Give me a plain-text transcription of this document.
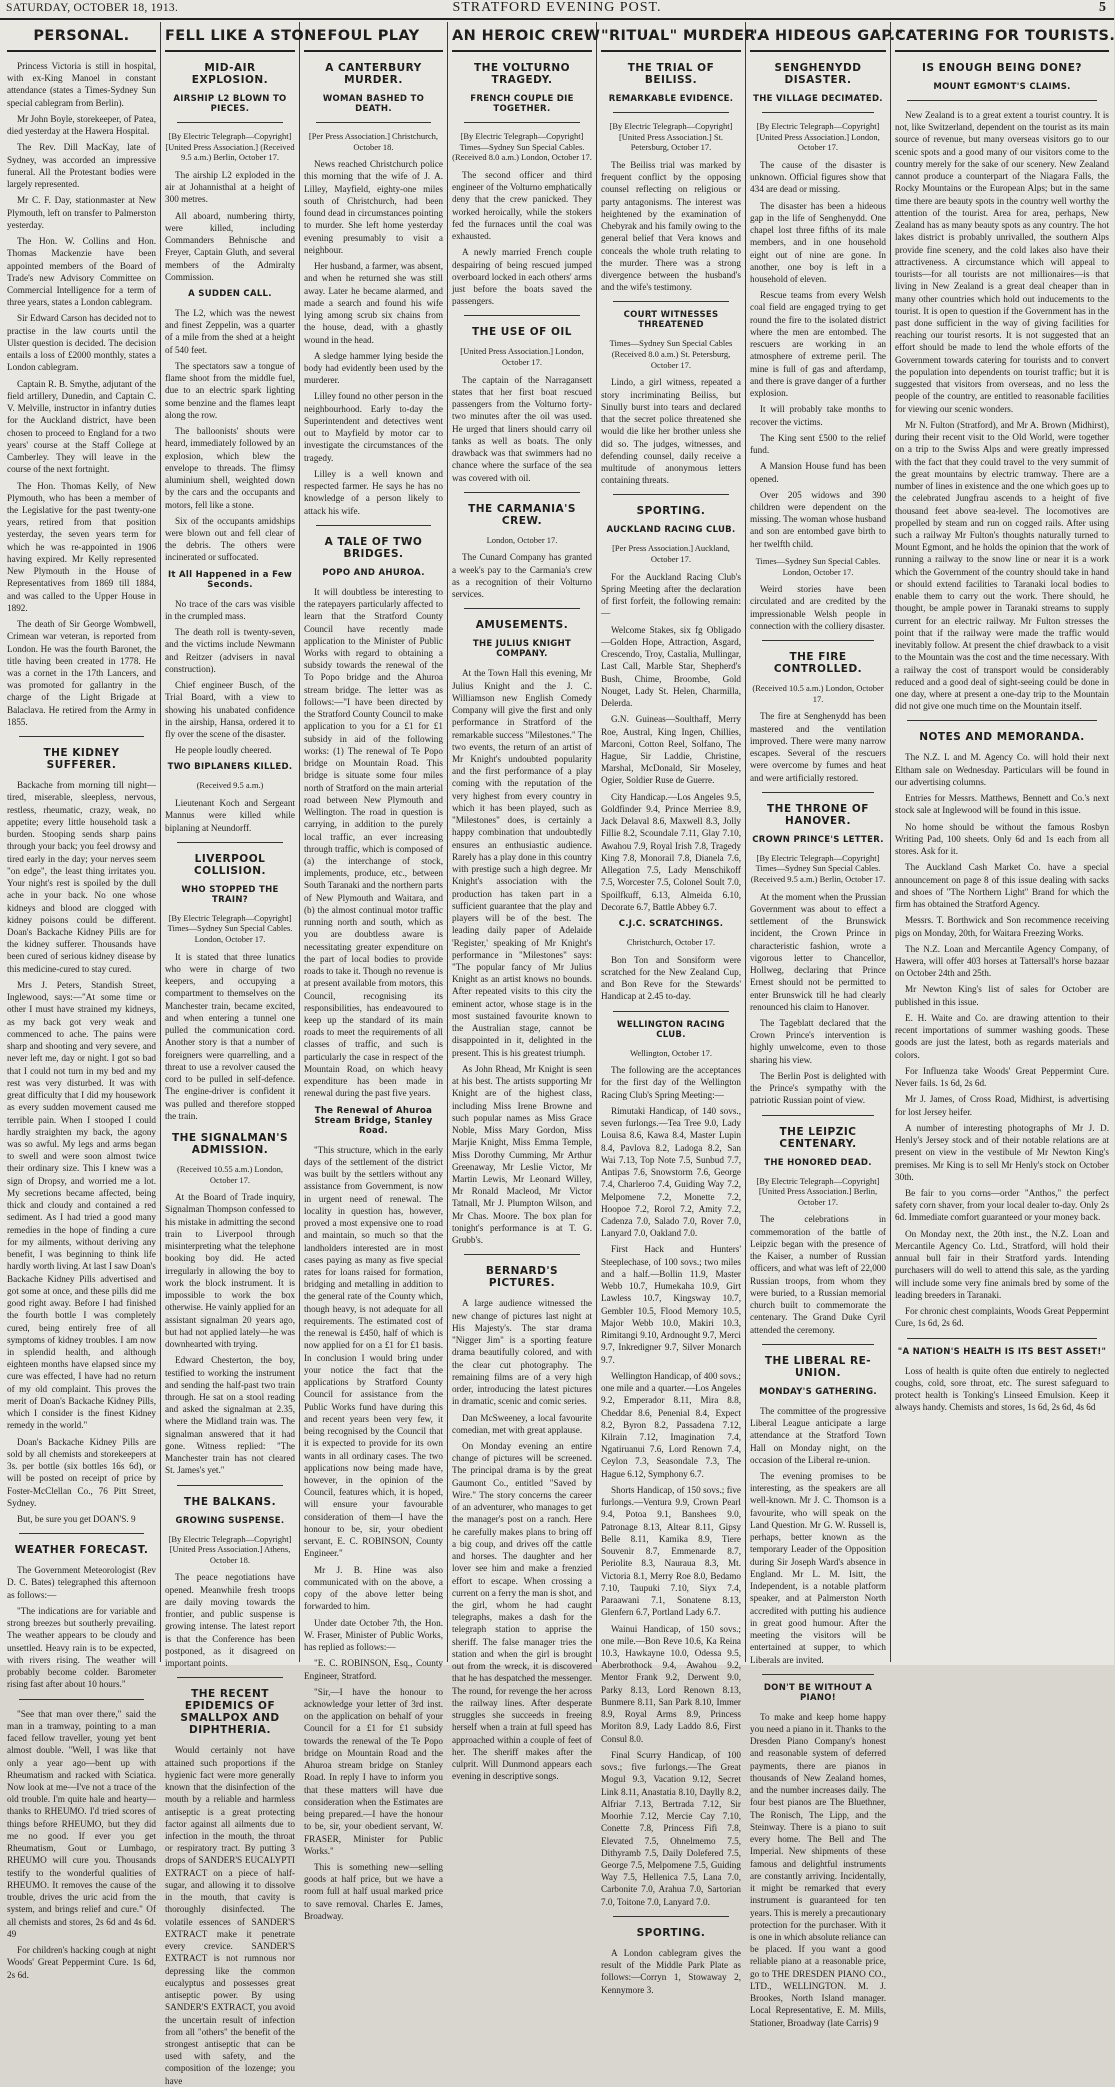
SATURDAY, OCTOBER 18, 1913.	STRATFORD EVENING POST.	5
PERSONAL.
Princess Victoria is still in hospital, with ex-King Manoel in constant attendance (states a Times-Sydney Sun special cablegram from Berlin).
Mr John Boyle, storekeeper, of Patea, died yesterday at the Hawera Hospital.
The Rev. Dill MacKay, late of Sydney, was accorded an impressive funeral. All the Protestant bodies were largely represented.
Mr C. F. Day, stationmaster at New Plymouth, left on transfer to Palmerston yesterday.
The Hon. W. Collins and Hon. Thomas Mackenzie have been appointed members of the Board of Trade's new Advisory Committee on Commercial Intelligence for a term of three years, states a London cablegram.
Sir Edward Carson has decided not to practise in the law courts until the Ulster question is decided. The decision entails a loss of £2000 monthly, states a London cablegram.
Captain R. B. Smythe, adjutant of the field artillery, Dunedin, and Captain C. V. Melville, instructor in infantry duties for the Auckland district, have been chosen to proceed to England for a two years' course at the Staff College at Camberley. They will leave in the course of the next fortnight.
The Hon. Thomas Kelly, of New Plymouth, who has been a member of the Legislative for the past twenty-one years, retired from that position yesterday, the seven years term for which he was re-appointed in 1906 having expired. Mr Kelly represented New Plymouth in the House of Representatives from 1869 till 1884, and was called to the Upper House in 1892.
The death of Sir George Wombwell, Crimean war veteran, is reported from London. He was the fourth Baronet, the title having been created in 1778. He was a cornet in the 17th Lancers, and was promoted for gallantry in the charge of the Light Brigade at Balaclava. He retired from the Army in 1855.
THE KIDNEY SUFFERER.
Backache from morning till night—tired, miserable, sleepless, nervous, restless, rheumatic, crazy, weak, no appetite; every little household task a burden. Stooping sends sharp pains through your back; you feel drowsy and tired early in the day; your nerves seem "on edge", the least thing irritates you. Your night's rest is spoiled by the dull ache in your back. No one whose kidneys and blood are clogged with kidney poisons could be different. Doan's Backache Kidney Pills are for the kidney sufferer. Thousands have been cured of serious kidney disease by this medicine-cured to stay cured.
Mrs J. Peters, Standish Street, Inglewood, says:—"At some time or other I must have strained my kidneys, as my back got very weak and commenced to ache. The pains were sharp and shooting and very severe, and never left me, day or night. I got so bad that I could not turn in my bed and my rest was very disturbed. It was with great difficulty that I did my housework as every sudden movement caused me terrible pain. When I stooped I could hardly straighten my back, the agony was so awful. My legs and arms began to swell and were soon almost twice their ordinary size. This I knew was a sign of Dropsy, and worried me a lot. My secretions became affected, being thick and cloudy and contained a red sediment. As I had tried a good many remedies in the hope of finding a cure for my ailments, without deriving any benefit, I was beginning to think life hardly worth living. At last I saw Doan's Backache Kidney Pills advertised and got some at once, and these pills did me good right away. Before I had finished the fourth bottle I was completely cured, being entirely free of all symptoms of kidney troubles. I am now in splendid health, and although eighteen months have elapsed since my cure was effected, I have had no return of my old complaint. This proves the merit of Doan's Backache Kidney Pills, which I consider is the finest Kidney remedy in the world."
Doan's Backache Kidney Pills are sold by all chemists and storekeepers at 3s. per bottle (six bottles 16s 6d), or will be posted on receipt of price by Foster-McClellan Co., 76 Pitt Street, Sydney.
But, be sure you get DOAN'S. 9
WEATHER FORECAST.
The Government Meteorologist (Rev D. C. Bates) telegraphed this afternoon as follows:—
"The indications are for variable and strong breezes but southerly prevailing. The weather appears to be cloudy and unsettled. Heavy rain is to be expected, with rivers rising. The weather will probably become colder. Barometer rising fast after about 10 hours."
"See that man over there," said the man in a tramway, pointing to a man faced fellow traveller, young yet bent almost double. "Well, I was like that only a year ago—bent up with Rheumatism and racked with Sciatica. Now look at me—I've not a trace of the old trouble. I'm quite hale and hearty—thanks to RHEUMO. I'd tried scores of things before RHEUMO, but they did me no good. If ever you get Rheumatism, Gout or Lumbago, RHEUMO will cure you. Thousands testify to the wonderful qualities of RHEUMO. It removes the cause of the trouble, drives the uric acid from the system, and brings relief and cure." Of all chemists and stores, 2s 6d and 4s 6d. 49
For children's hacking cough at night Woods' Great Peppermint Cure. 1s 6d, 2s 6d.
FELL LIKE A STONE
MID-AIR EXPLOSION.
AIRSHIP L2 BLOWN TO PIECES.
[By Electric Telegraph—Copyright] [United Press Association.] (Received 9.5 a.m.) Berlin, October 17.
The airship L2 exploded in the air at Johannisthal at a height of 300 metres.
All aboard, numbering thirty, were killed, including Commanders Behnische and Freyer, Captain Gluth, and several members of the Admiralty Commission.
A SUDDEN CALL.
The L2, which was the newest and finest Zeppelin, was a quarter of a mile from the shed at a height of 540 feet.
The spectators saw a tongue of flame shoot from the middle fuel, due to an electric spark lighting some benzine and the flames leapt along the row.
The balloonists' shouts were heard, immediately followed by an explosion, which blew the envelope to threads. The flimsy aluminium shell, weighted down by the cars and the occupants and motors, fell like a stone.
Six of the occupants amidships were blown out and fell clear of the debris. The others were incinerated or suffocated.
It All Happened in a Few Seconds.
No trace of the cars was visible in the crumpled mass.
The death roll is twenty-seven, and the victims include Newmann and Reitzer (advisers in naval construction).
Chief engineer Busch, of the Trial Board, with a view to showing his unabated confidence in the airship, Hansa, ordered it to fly over the scene of the disaster.
He people loudly cheered.
TWO BIPLANERS KILLED.
(Received 9.5 a.m.)
Lieutenant Koch and Sergeant Mannus were killed while biplaning at Neundorff.
LIVERPOOL COLLISION.
WHO STOPPED THE TRAIN?
[By Electric Telegraph—Copyright] Times—Sydney Sun Special Cables. London, October 17.
It is stated that three lunatics who were in charge of two keepers, and occupying a compartment to themselves on the Manchester train, became excited, and when entering a tunnel one pulled the communication cord. Another story is that a number of foreigners were quarrelling, and a threat to use a revolver caused the cord to be pulled in self-defence. The engine-driver is confident it was pulled and therefore stopped the train.
THE SIGNALMAN'S ADMISSION.
(Received 10.55 a.m.) London, October 17.
At the Board of Trade inquiry, Signalman Thompson confessed to his mistake in admitting the second train to Liverpool through misinterpreting what the telephone booking boy did. He acted irregularly in allowing the boy to work the block instrument. It is impossible to work the box otherwise. He vainly applied for an assistant signalman 20 years ago, but had not applied lately—he was downhearted with trying.
Edward Chesterton, the boy, testified to working the instrument and sending the half-past two train through. He sat on a stool reading and asked the signalman at 2.35, where the Midland train was. The signalman answered that it had gone. Witness replied: "The Manchester train has not cleared St. James's yet."
THE BALKANS.
GROWING SUSPENSE.
[By Electric Telegraph—Copyright] [United Press Association.] Athens, October 18.
The peace negotiations have opened. Meanwhile fresh troops are daily moving towards the frontier, and public suspense is growing intense. The latest report is that the Conference has been postponed, as it disagreed on important points.
THE RECENT EPIDEMICS OF SMALLPOX AND DIPHTHERIA.
Would certainly not have attained such proportions if the hygienic fact were more generally known that the disinfection of the mouth by a reliable and harmless antiseptic is a great protecting factor against all ailments due to infection in the mouth, the throat or respiratory tract. By putting 3 drops of SANDER'S EUCALYPTI EXTRACT on a piece of half-sugar, and allowing it to dissolve in the mouth, that cavity is thoroughly disinfected. The volatile essences of SANDER'S EXTRACT make it penetrate every crevice. SANDER'S EXTRACT is not rumnous nor depressing like the common eucalyptus and possesses great antiseptic power. By using SANDER'S EXTRACT, you avoid the uncertain result of infection from all "others" the benefit of the strongest antiseptic that can be used with safety, and the composition of the lozenge; you have
FOUL PLAY
A CANTERBURY MURDER.
WOMAN BASHED TO DEATH.
[Per Press Association.] Christchurch, October 18.
News reached Christchurch police this morning that the wife of J. A. Lilley, Mayfield, eighty-one miles south of Christchurch, had been found dead in circumstances pointing to murder. She left home yesterday evening presumably to visit a neighbour.
Her husband, a farmer, was absent, and when he returned she was still away. Later he became alarmed, and made a search and found his wife lying among scrub six chains from the house, dead, with a ghastly wound in the head.
A sledge hammer lying beside the body had evidently been used by the murderer.
Lilley found no other person in the neighbourhood. Early to-day the Superintendent and detectives went out to Mayfield by motor car to investigate the circumstances of the tragedy.
Lilley is a well known and respected farmer. He says he has no knowledge of a person likely to attack his wife.
A TALE OF TWO BRIDGES.
POPO AND AHUROA.
It will doubtless be interesting to the ratepayers particularly affected to learn that the Stratford County Council have recently made application to the Minister of Public Works with regard to obtaining a subsidy towards the renewal of the To Popo bridge and the Ahuroa stream bridge. The letter was as follows:—"I have been directed by the Stratford County Council to make application to you for a £1 for £1 subsidy in aid of the following works: (1) The renewal of Te Popo bridge on Mountain Road. This bridge is situate some four miles north of Stratford on the main arterial road between New Plymouth and Wellington. The road in question is carrying, in addition to the purely local traffic, an ever increasing through traffic, which is composed of (a) the interchange of stock, implements, produce, etc., between South Taranaki and the northern parts of New Plymouth and Waitara, and (b) the almost continual motor traffic running north and south, which as you are doubtless aware is necessitating greater expenditure on the part of local bodies to provide roads to take it. Though no revenue is at present available from motors, this Council, recognising its responsibilities, has endeavoured to keep up the standard of its main roads to meet the requirements of all classes of traffic, and such is particularly the case in respect of the Mountain Road, on which heavy expenditure has been made in renewal during the past five years.
The Renewal of Ahuroa Stream Bridge, Stanley Road.
"This structure, which in the early days of the settlement of the district was built by the settlers without any assistance from Government, is now in urgent need of renewal. The locality in question has, however, proved a most expensive one to road and maintain, so much so that the landholders interested are in most cases paying as many as five special rates for loans raised for formation, bridging and metalling in addition to the general rate of the County which, though heavy, is not adequate for all requirements. The estimated cost of the renewal is £450, half of which is now applied for on a £1 for £1 basis. In conclusion I would bring under your notice the fact that the applications by Stratford County Council for assistance from the Public Works fund have during this and recent years been very few, it being recognised by the Council that it is expected to provide for its own wants in all ordinary cases. The two applications now being made have, however, in the opinion of the Council, features which, it is hoped, will ensure your favourable consideration of them—I have the honour to be, sir, your obedient servant, E. C. ROBINSON, County Engineer."
Mr J. B. Hine was also communicated with on the above, a copy of the above letter being forwarded to him.
Under date October 7th, the Hon. W. Fraser, Minister of Public Works, has replied as follows:—
"E. C. ROBINSON, Esq., County Engineer, Stratford.
"Sir,—I have the honour to acknowledge your letter of 3rd inst. on the application on behalf of your Council for a £1 for £1 subsidy towards the renewal of the Te Popo bridge on Mountain Road and the Ahuroa stream bridge on Stanley Road. In reply I have to inform you that these matters will have due consideration when the Estimates are being prepared.—I have the honour to be, sir, your obedient servant, W. FRASER, Minister for Public Works."
This is something new—selling goods at half price, but we have a room full at half usual marked price to save removal. Charles E. James, Broadway.
AN HEROIC CREW
THE VOLTURNO TRAGEDY.
FRENCH COUPLE DIE TOGETHER.
[By Electric Telegraph—Copyright] Times—Sydney Sun Special Cables. (Received 8.0 a.m.) London, October 17.
The second officer and third engineer of the Volturno emphatically deny that the crew panicked. They worked heroically, while the stokers fed the furnaces until the coal was exhausted.
A newly married French couple despairing of being rescued jumped overboard locked in each others' arms just before the boats saved the passengers.
THE USE OF OIL
[United Press Association.] London, October 17.
The captain of the Narragansett states that her first boat rescued passengers from the Volturno forty-two minutes after the oil was used. He urged that liners should carry oil tanks as well as boats. The only drawback was that swimmers had no chance where the surface of the sea was covered with oil.
THE CARMANIA'S CREW.
London, October 17.
The Cunard Company has granted a week's pay to the Carmania's crew as a recognition of their Volturno services.
AMUSEMENTS.
THE JULIUS KNIGHT COMPANY.
At the Town Hall this evening, Mr Julius Knight and the J. C. Williamson new English Comedy Company will give the first and only performance in Stratford of the remarkable success "Milestones." The two events, the return of an artist of Mr Knight's undoubted popularity and the first performance of a play coming with the reputation of the very highest from every country in which it has been played, such as "Milestones" does, is certainly a happy combination that undoubtedly ensures an enthusiastic audience. Rarely has a play done in this country with prestige such a high degree. Mr Knight's association with the production has taken part in a sufficient guarantee that the play and players will be of the best. The leading daily paper of Adelaide 'Register,' speaking of Mr Knight's performance in "Milestones" says: "The popular fancy of Mr Julius Knight as an artist knows no bounds. After repeated visits to this city the eminent actor, whose stage is in the most sustained favourite known to the Australian stage, cannot be disappointed in it, delighted in the present. This is his greatest triumph.
As John Rhead, Mr Knight is seen at his best. The artists supporting Mr Knight are of the highest class, including Miss Irene Browne and such popular names as Miss Grace Noble, Miss Mary Gordon, Miss Marjie Knight, Miss Emma Temple, Miss Dorothy Cumming, Mr Arthur Greenaway, Mr Leslie Victor, Mr Martin Lewis, Mr Leonard Willey, Mr Ronald Macleod, Mr Victor Tatnall, Mr J. Plumpton Wilson, and Mr Chas. Moore. The box plan for tonight's performance is at T. G. Grubb's.
BERNARD'S PICTURES.
A large audience witnessed the new change of pictures last night at His Majesty's. The star drama "Nigger Jim" is a sporting feature drama beautifully colored, and with the clear cut photography. The remaining films are of a very high order, introducing the latest pictures in dramatic, scenic and comic series.
Dan McSweeney, a local favourite comedian, met with great applause.
On Monday evening an entire change of pictures will be screened. The principal drama is by the great Gaumont Co., entitled "Saved by Wire." The story concerns the career of an adventurer, who manages to get the manager's post on a ranch. Here he carefully makes plans to bring off a big coup, and drives off the cattle and horses. The daughter and her lover see him and make a frenzied effort to escape. When crossing a current on a ferry the man is shot, and the girl, whom he had caught telegraphs, makes a dash for the telegraph station to apprise the sheriff. The false manager tries the station and when the girl is brought out from the wreck, it is discovered that he has despatched the messenger. The round, for revenge the her across the railway lines. After desperate struggles she succeeds in freeing herself when a train at full speed has approached within a couple of feet of her. The sheriff makes after the culprit. Will Dunmond appears each evening in descriptive songs.
"RITUAL" MURDER.
THE TRIAL OF BEILISS.
REMARKABLE EVIDENCE.
[By Electric Telegraph—Copyright] [United Press Association.] St. Petersburg, October 17.
The Beiliss trial was marked by frequent conflict by the opposing counsel reflecting on religious or party antagonisms. The interest was heightened by the examination of Chebyrak and his family owing to the general belief that Vera knows and conceals the whole truth relating to the murder. There was a strong divergence between the husband's and the wife's testimony.
COURT WITNESSES THREATENED
Times—Sydney Sun Special Cables (Received 8.0 a.m.) St. Petersburg, October 17.
Lindo, a girl witness, repeated a story incriminating Beiliss, but Sinully burst into tears and declared that the secret police threatened she would die like her brother unless she did so. The judges, witnesses, and defending counsel, daily receive a multitude of anonymous letters containing threats.
SPORTING.
AUCKLAND RACING CLUB.
[Per Press Association.] Auckland, October 17.
For the Auckland Racing Club's Spring Meeting after the declaration of first forfeit, the following remain:—
Welcome Stakes, six fg Obligado—Golden Hope, Attraction, Asgard, Crescendo, Troy, Castalia, Mullingar, Last Call, Marble Star, Shepherd's Bush, Chime, Broombe, Gold Nouget, Lady St. Helen, Charmilla, Delerda.
G.N. Guineas—Soulthaff, Merry Roe, Austral, King Ingen, Chillies, Marconi, Cotton Reel, Solfano, The Hague, Sir Laddie, Christine, Marshal, McDonald, Sir Moseley, Ogier, Soldier Ruse de Guerre.
City Handicap.—Los Angeles 9.5, Goldfinder 9.4, Prince Merriee 8.9, Jack Delaval 8.6, Maxwell 8.3, Jolly Fillie 8.2, Scoundale 7.11, Glay 7.10, Awahou 7.9, Royal Irish 7.8, Tragedy King 7.8, Monorail 7.8, Dianela 7.6, Allegation 7.5, Lady Menschikoff 7.5, Worcester 7.5, Colonel Soult 7.0, Spoilfkuff, 6.13, Almeida 6.10, Decorate 6.7, Battle Abbey 6.7.
C.J.C. SCRATCHINGS.
Christchurch, October 17.
Bon Ton and Sonsiform were scratched for the New Zealand Cup, and Bon Reve for the Stewards' Handicap at 2.45 to-day.
WELLINGTON RACING CLUB.
Wellington, October 17.
The following are the acceptances for the first day of the Wellington Racing Club's Spring Meeting:—
Rimutaki Handicap, of 140 sovs., seven furlongs.—Tea Tree 9.0, Lady Louisa 8.6, Kawa 8.4, Master Lupin 8.4, Pavlova 8.2, Ladoga 8.2, San Wai 7.13, Top Note 7.5, Sunbud 7.7, Antipas 7.6, Snowstorm 7.6, George 7.4, Charleroo 7.4, Guiding Way 7.2, Melpomene 7.2, Monette 7.2, Hoopoe 7.2, Rorol 7.2, Amity 7.2, Cadenza 7.0, Salado 7.0, Rover 7.0, Lanyard 7.0, Oakland 7.0.
First Hack and Hunters' Steeplechase, of 100 sovs.; two miles and a half.—Bollin 11.9, Master Webb 10.7, Humekaha 10.9, Girt Lawless 10.7, Kingsway 10.7, Gembler 10.5, Flood Memory 10.5, Major Webb 10.0, Makiri 10.3, Rimitangi 9.10, Ardnought 9.7, Merci 9.7, Inkredigner 9.7, Silver Monarch 9.7.
Wellington Handicap, of 400 sovs.; one mile and a quarter.—Los Angeles 9.2, Emperador 8.11, Mira 8.8, Cheddar 8.6, Penenial 8.4, Expect 8.2, Byron 8.2, Passadena 7.12, Kilrain 7.12, Imagination 7.4, Ngatiruanui 7.6, Lord Renown 7.4, Ceylon 7.3, Seasondale 7.3, The Hague 6.12, Symphony 6.7.
Shorts Handicap, of 150 sovs.; five furlongs.—Ventura 9.9, Crown Pearl 9.4, Potoa 9.1, Banshees 9.0, Patronage 8.13, Altear 8.11, Gipsy Belle 8.11, Kamika 8.9, Tiere Souvenir 8.7, Emmenarde 8.7, Periolite 8.3, Nauraua 8.3, Mt. Victoria 8.1, Merry Roe 8.0, Bedamo 7.10, Taupuki 7.10, Siyx 7.4, Paraawani 7.1, Sonatene 8.13, Glenfern 6.7, Portland Lady 6.7.
Wainui Handicap, of 150 sovs.; one mile.—Bon Reve 10.6, Ka Reina 10.3, Hawkayne 10.0, Odessa 9.5, Aberbrothock 9.4, Awahou 9.2, Mentor Frank 9.2, Derwent 9.0, Parky 8.13, Lord Renown 8.13, Bunmere 8.11, San Park 8.10, Immer 8.9, Royal Arms 8.9, Princess Moriton 8.9, Lady Laddo 8.6, First Consul 8.0.
Final Scurry Handicap, of 100 sovs.; five furlongs.—The Great Mogul 9.3, Vacation 9.12, Secret Link 8.11, Anastatia 8.10, Daylly 8.2, Alfriar 7.13, Bertrada 7.12, Sir Moorhie 7.12, Mercie Cay 7.10, Conette 7.8, Princess Fifi 7.8, Elevated 7.5, Ohnelmemo 7.5, Dithyramb 7.5, Daily Dolefered 7.5, George 7.5, Melpomene 7.5, Guiding Way 7.5, Hellenica 7.5, Lana 7.0, Carbonite 7.0, Arahua 7.0, Sartorian 7.0, Toitone 7.0, Lanyard 7.0.
SPORTING.
A London cablegram gives the result of the Middle Park Plate as follows:—Corryn 1, Stowaway 2, Kennymore 3.
"A HIDEOUS GAP."
SENGHENYDD DISASTER.
THE VILLAGE DECIMATED.
[By Electric Telegraph—Copyright] [United Press Association.] London, October 17.
The cause of the disaster is unknown. Official figures show that 434 are dead or missing.
The disaster has been a hideous gap in the life of Senghenydd. One chapel lost three fifths of its male members, and in one household eight out of nine are gone. In another, one boy is left in a household of eleven.
Rescue teams from every Welsh coal field are engaged trying to get round the fire to the isolated district where the men are entombed. The rescuers are working in an atmosphere of extreme peril. The mine is full of gas and afterdamp, and there is grave danger of a further explosion.
It will probably take months to recover the victims.
The King sent £500 to the relief fund.
A Mansion House fund has been opened.
Over 205 widows and 390 children were dependent on the missing. The woman whose husband and son are entombed gave birth to her twelfth child.
Times—Sydney Sun Special Cables. London, October 17.
Weird stories have been circulated and are credited by the impressionable Welsh people in connection with the colliery disaster.
THE FIRE CONTROLLED.
(Received 10.5 a.m.) London, October 17.
The fire at Senghenydd has been mastered and the ventilation improved. There were many narrow escapes. Several of the rescuers were overcome by fumes and heat and were artificially restored.
THE THRONE OF HANOVER.
CROWN PRINCE'S LETTER.
[By Electric Telegraph—Copyright] Times—Sydney Sun Special Cables. (Received 9.5 a.m.) Berlin, October 17.
At the moment when the Prussian Government was about to effect a settlement of the Brunswick incident, the Crown Prince in characteristic fashion, wrote a vigorous letter to Chancellor, Hollweg, declaring that Prince Ernest should not be permitted to enter Brunswick till he had clearly renounced his claim to Hanover.
The Tageblatt declared that the Crown Prince's intervention is highly unwelcome, even to those sharing his view.
The Berlin Post is delighted with the Prince's sympathy with the patriotic Russian point of view.
THE LEIPZIC CENTENARY.
THE HONORED DEAD.
[By Electric Telegraph—Copyright] [United Press Association.] Berlin, October 17.
The celebrations in commemoration of the battle of Leipzic began with the presence of the Kaiser, a number of Russian officers, and what was left of 22,000 Russian troops, from whom they were buried, to a Russian memorial church built to commemorate the centenary. The Grand Duke Cyril attended the ceremony.
THE LIBERAL RE-UNION.
MONDAY'S GATHERING.
The committee of the progressive Liberal League anticipate a large attendance at the Stratford Town Hall on Monday night, on the occasion of the Liberal re-union.
The evening promises to be interesting, as the speakers are all well-known. Mr J. C. Thomson is a favourite, who will speak on the Land Question. Mr G. W. Russell is, perhaps, better known as the temporary Leader of the Opposition during Sir Joseph Ward's absence in England. Mr L. M. Isitt, the Independent, is a notable platform speaker, and at Palmerston North accredited with putting his audience in great good humour. After the meeting the visitors will be entertained at supper, to which Liberals are invited.
DON'T BE WITHOUT A PIANO!
To make and keep home happy you need a piano in it. Thanks to the Dresden Piano Company's honest and reasonable system of deferred payments, there are pianos in thousands of New Zealand homes, and the number increases daily. The four best pianos are The Bluethner, The Ronisch, The Lipp, and the Steinway. There is a piano to suit every home. The Bell and The Imperial. New shipments of these famous and delightful instruments are constantly arriving. Incidentally, it might be remarked that every instrument is guaranteed for ten years. This is merely a precautionary protection for the purchaser. With it is one in which absolute reliance can be placed. If you want a good reliable piano at a reasonable price, go to THE DRESDEN PIANO CO., LTD., WELLINGTON. M. J. Brookes, North Island manager. Local Representative, E. M. Mills, Stationer, Broadway (late Carris) 9
CATERING FOR TOURISTS.
IS ENOUGH BEING DONE?
MOUNT EGMONT'S CLAIMS.
New Zealand is to a great extent a tourist country. It is not, like Switzerland, dependent on the tourist as its main source of revenue, but many overseas visitors go to our scenic spots and a good many of our visitors come to the country merely for the sake of our scenery. New Zealand cannot produce a counterpart of the Niagara Falls, the Rocky Mountains or the European Alps; but in the same time there are beauty spots in the country well worthy the attention of the tourist. Area for area, perhaps, New Zealand has as many beauty spots as any country. The hot lakes district is probably unrivalled, the southern Alps provide fine scenery, and the cold lakes also have their attractiveness. A circumstance which will appeal to tourists—for all tourists are not millionaires—is that living in New Zealand is a great deal cheaper than in many other countries which hold out inducements to the tourist. It is open to question if the Government has in the past done sufficient in the way of giving facilities for reaching our tourist resorts. It is not suggested that an effort should be made to lend the whole efforts of the Government towards catering for tourists and to convert the population into dependents on tourist traffic; but it is suggested that visitors from overseas, and no less the people of the country, are entitled to reasonable facilities for viewing our scenic wonders.
Mr N. Fulton (Stratford), and Mr A. Brown (Midhirst), during their recent visit to the Old World, were together on a trip to the Swiss Alps and were greatly impressed with the fact that they could travel to the very summit of the great mountains by electric tramway. There are a number of lines in existence and the one which goes up to the celebrated Jungfrau ascends to a height of five thousand feet above sea-level. The locomotives are propelled by steam and run on cogged rails. After using such a railway Mr Fulton's thoughts naturally turned to Mount Egmont, and he holds the opinion that the work of running a railway to the snow line or near it is a work which the Government of the country should take in hand or should extend facilities to Taranaki local bodies to enable them to carry out the work. There should, he thought, be ample power in Taranaki streams to supply current for an electric railway. Mr Fulton stresses the point that if the railway were made the traffic would inevitably follow. At present the chief drawback to a visit to the Mountain was the cost and the time necessary. With a railway the cost of transport would be considerably reduced and a good deal of sight-seeing could be done in one day, where at present a one-day trip to the Mountain did not give one much time on the Mountain itself.
NOTES AND MEMORANDA.
The N.Z. L and M. Agency Co. will hold their next Eltham sale on Wednesday. Particulars will be found in our advertising columns.
Entries for Messrs. Matthews, Bennett and Co.'s next stock sale at Inglewood will be found in this issue.
No home should be without the famous Rosbyn Writing Pad, 100 sheets. Only 6d and 1s each from all stores. Ask for it.
The Auckland Cash Market Co. have a special announcement on page 8 of this issue dealing with sacks and shoes of "The Northern Light" Brand for which the firm has obtained the Stratford Agency.
Messrs. T. Borthwick and Son recommence receiving pigs on Monday, 20th, for Waitara Freezing Works.
The N.Z. Loan and Mercantile Agency Company, of Hawera, will offer 403 horses at Tattersall's horse bazaar on October 24th and 25th.
Mr Newton King's list of sales for October are published in this issue.
E. H. Waite and Co. are drawing attention to their recent importations of summer washing goods. These goods are just the latest, both as regards materials and colors.
For Influenza take Woods' Great Peppermint Cure. Never fails. 1s 6d, 2s 6d.
Mr J. James, of Cross Road, Midhirst, is advertising for lost Jersey heifer.
A number of interesting photographs of Mr J. D. Henly's Jersey stock and of their notable relations are at present on view in the vestibule of Mr Newton King's premises. Mr King is to sell Mr Henly's stock on October 30th.
Be fair to you corns—order "Anthos," the perfect safety corn shaver, from your local dealer to-day. Only 2s 6d. Immediate comfort guaranteed or your money back.
On Monday next, the 20th inst., the N.Z. Loan and Mercantile Agency Co. Ltd., Stratford, will hold their annual bull fair in their Stratford yards. Intending purchasers will do well to attend this sale, as the yarding will include some very fine animals bred by some of the leading breeders in Taranaki.
For chronic chest complaints, Woods Great Peppermint Cure, 1s 6d, 2s 6d.
"A NATION'S HEALTH IS ITS BEST ASSET!"
Loss of health is quite often due entirely to neglected coughs, cold, sore throat, etc. The surest safeguard to protect health is Tonking's Linseed Emulsion. Keep it always handy. Chemists and stores, 1s 6d, 2s 6d, 4s 6d
